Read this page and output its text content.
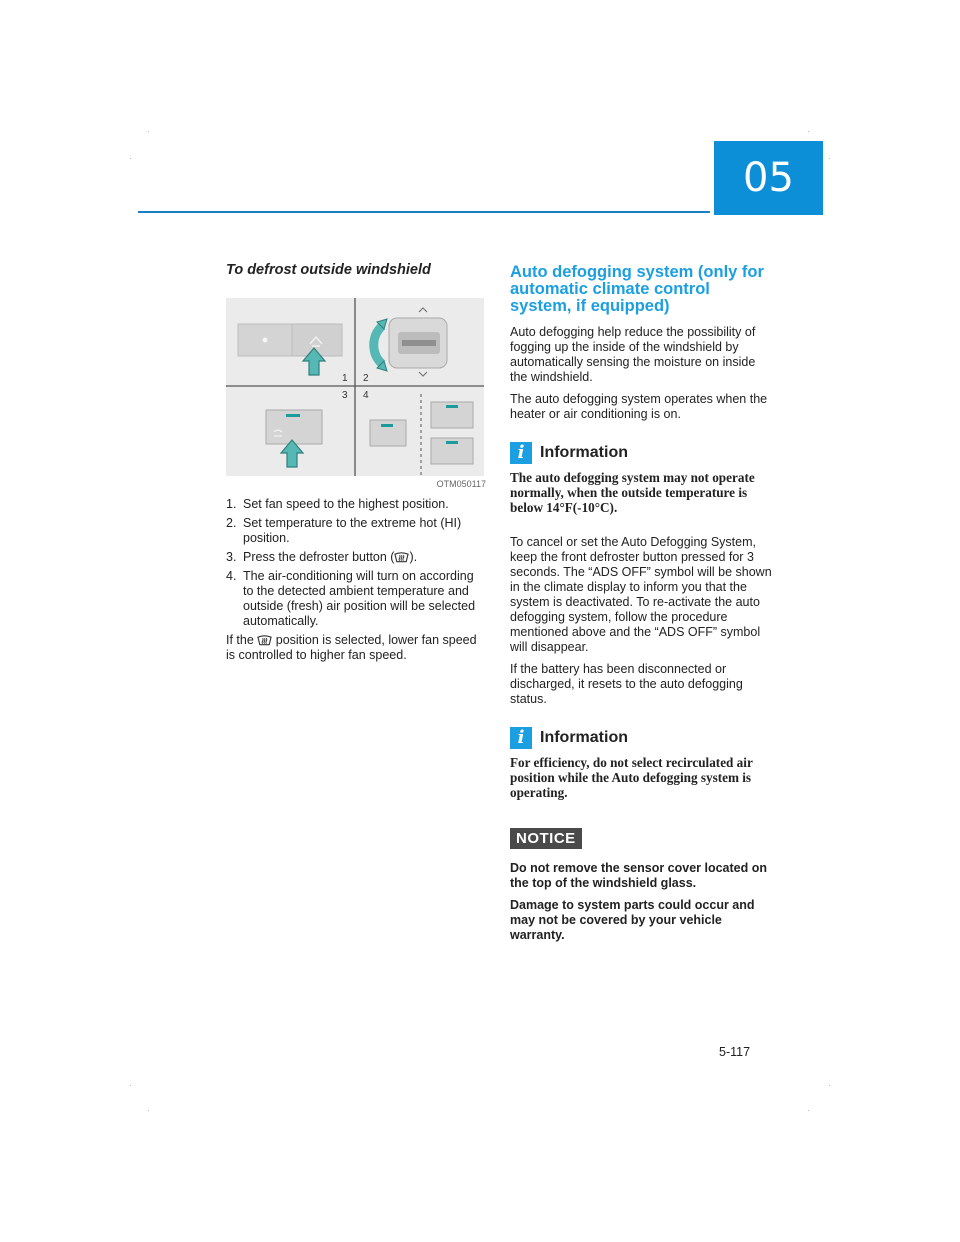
05
To defrost outside windshield
1 2
3 4
OTM050117
1. Set fan speed to the highest position.
2. Set temperature to the extreme hot (HI) position.
3. Press the defroster button ( ).
4. The air-conditioning will turn on according to the detected ambient temperature and outside (fresh) air position will be selected automatically.

If the  position is selected, lower fan speed is controlled to higher fan speed.

Auto defogging system (only for automatic climate control system, if equipped)

Auto defogging help reduce the possibility of fogging up the inside of the windshield by automatically sensing the moisture on inside the windshield.

The auto defogging system operates when the heater or air conditioning is on.

i Information
The auto defogging system may not operate normally, when the outside temperature is below 14°F(-10°C).

To cancel or set the Auto Defogging System, keep the front defroster button pressed for 3 seconds. The “ADS OFF” symbol will be shown in the climate display to inform you that the system is deactivated. To re-activate the auto defogging system, follow the procedure mentioned above and the “ADS OFF” symbol will disappear.

If the battery has been disconnected or discharged, it resets to the auto defogging status.

i Information
For efficiency, do not select recirculated air position while the Auto defogging system is operating.
NOTICE
Do not remove the sensor cover located on the top of the windshield glass.
Damage to system parts could occur and may not be covered by your vehicle warranty.
5-117
